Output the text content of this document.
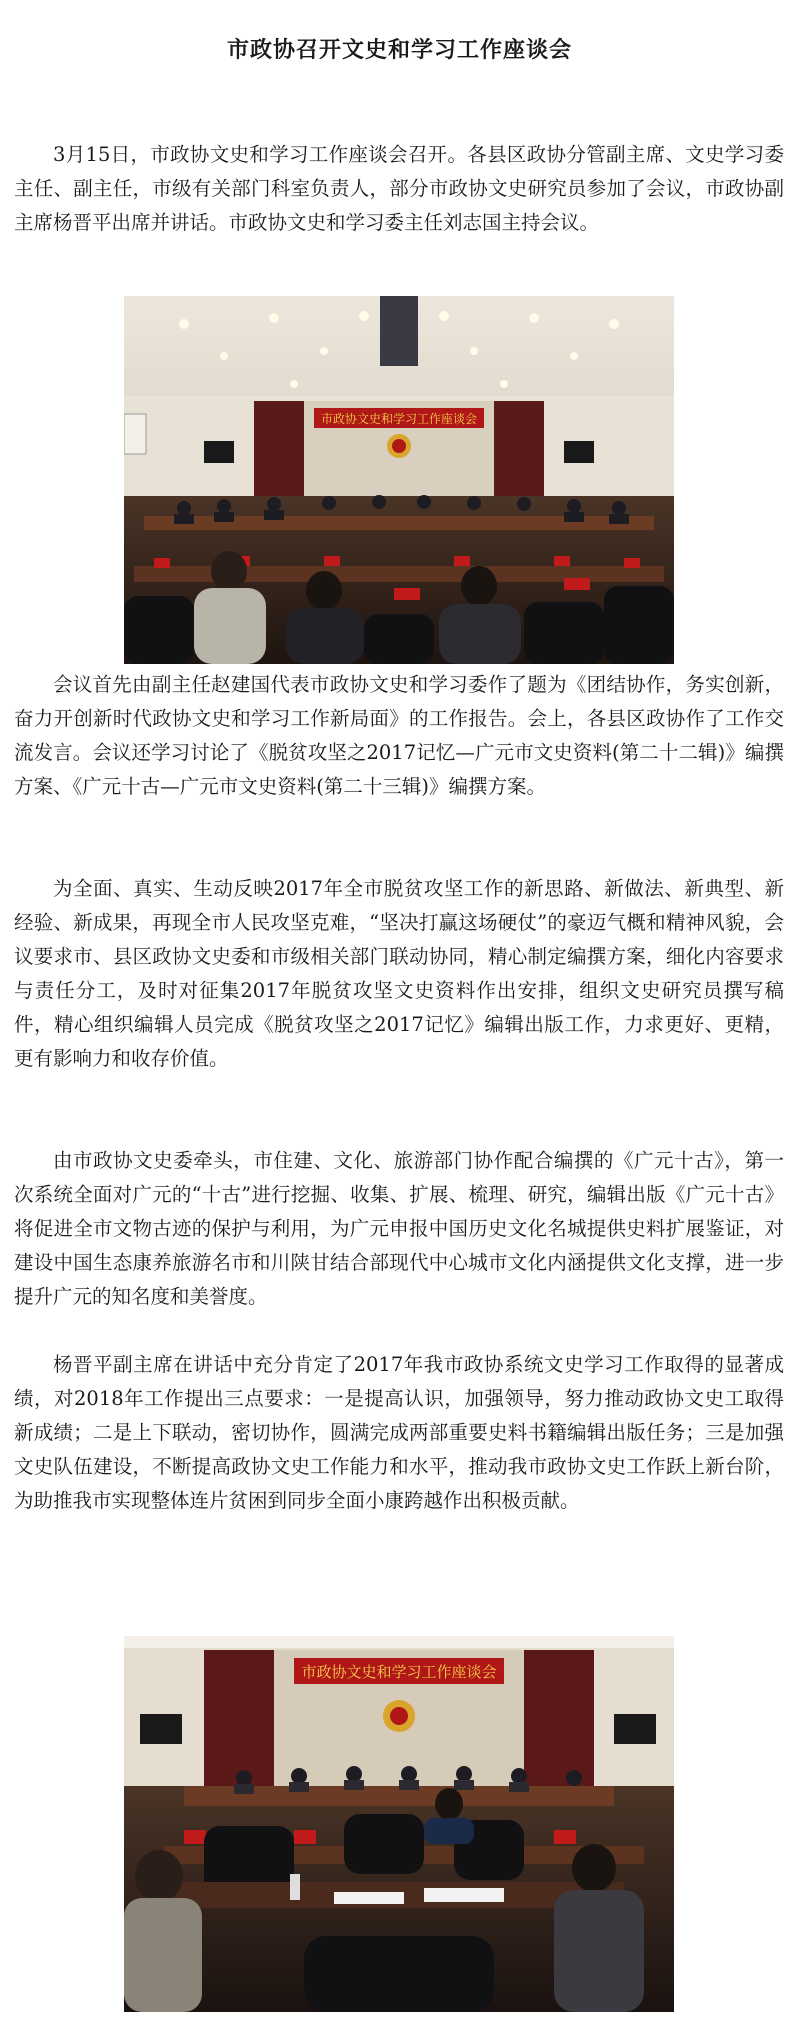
市政协召开文史和学习工作座谈会

3月15日，市政协文史和学习工作座谈会召开。各县区政协分管副主席、文史学习委主任、副主任，市级有关部门科室负责人，部分市政协文史研究员参加了会议，市政协副主席杨晋平出席并讲话。市政协文史和学习委主任刘志国主持会议。

市政协文史和学习工作座谈会

会议首先由副主任赵建国代表市政协文史和学习委作了题为《团结协作，务实创新，奋力开创新时代政协文史和学习工作新局面》的工作报告。会上，各县区政协作了工作交流发言。会议还学习讨论了《脱贫攻坚之2017记忆—广元市文史资料(第二十二辑)》编撰方案、《广元十古—广元市文史资料(第二十三辑)》编撰方案。

为全面、真实、生动反映2017年全市脱贫攻坚工作的新思路、新做法、新典型、新经验、新成果，再现全市人民攻坚克难，“坚决打赢这场硬仗”的豪迈气概和精神风貌，会议要求市、县区政协文史委和市级相关部门联动协同，精心制定编撰方案，细化内容要求与责任分工，及时对征集2017年脱贫攻坚文史资料作出安排，组织文史研究员撰写稿件，精心组织编辑人员完成《脱贫攻坚之2017记忆》编辑出版工作，力求更好、更精，更有影响力和收存价值。

由市政协文史委牵头，市住建、文化、旅游部门协作配合编撰的《广元十古》，第一次系统全面对广元的“十古”进行挖掘、收集、扩展、梳理、研究，编辑出版《广元十古》将促进全市文物古迹的保护与利用，为广元申报中国历史文化名城提供史料扩展鉴证，对建设中国生态康养旅游名市和川陕甘结合部现代中心城市文化内涵提供文化支撑，进一步提升广元的知名度和美誉度。

杨晋平副主席在讲话中充分肯定了2017年我市政协系统文史学习工作取得的显著成绩，对2018年工作提出三点要求：一是提高认识，加强领导，努力推动政协文史工取得新成绩；二是上下联动，密切协作，圆满完成两部重要史料书籍编辑出版任务；三是加强文史队伍建设，不断提高政协文史工作能力和水平，推动我市政协文史工作跃上新台阶，为助推我市实现整体连片贫困到同步全面小康跨越作出积极贡献。

市政协文史和学习工作座谈会
